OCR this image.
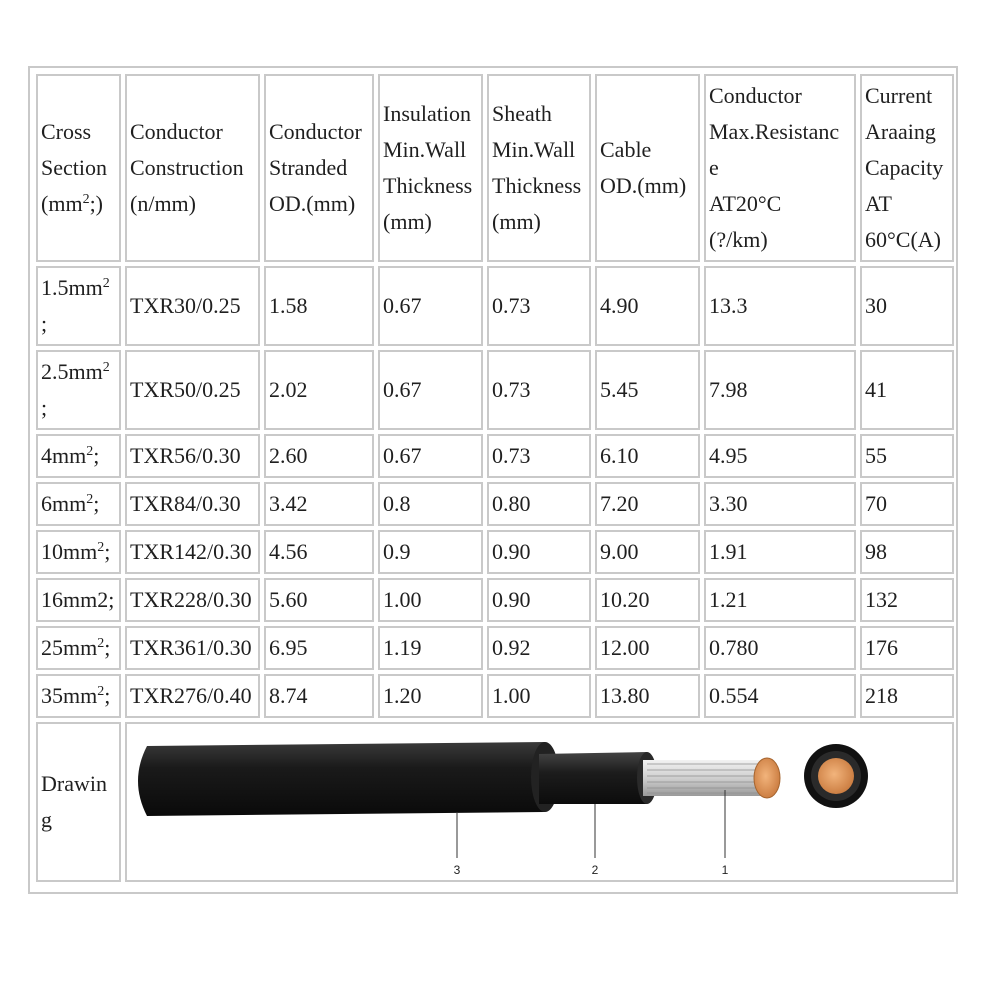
Cross
Section
$(mm^2;)$	Conductor
Construction
(n/mm)	Conductor
Stranded
OD.(mm)	Insulation
Min.Wall
Thickness
(mm)	Sheath
Min.Wall
Thickness
(mm)	Cable
OD.(mm)	Conductor
Max.Resistanc
e
AT20°C
(?/km)	Current
Araaing
Capacity
AT
60°C(A)
$1.5mm^2$
;	TXR30/0.25	1.58	0.67	0.73	4.90	13.3	30
$2.5mm^2$
;	TXR50/0.25	2.02	0.67	0.73	5.45	7.98	41
$4mm^2$;	TXR56/0.30	2.60	0.67	0.73	6.10	4.95	55
$6mm^2$;	TXR84/0.30	3.42	0.8	0.80	7.20	3.30	70
$10mm^2$;	TXR142/0.30	4.56	0.9	0.90	9.00	1.91	98
16mm2;	TXR228/0.30	5.60	1.00	0.90	10.20	1.21	132
$25mm^2$;	TXR361/0.30	6.95	1.19	0.92	12.00	0.780	176
$35mm^2$;	TXR276/0.40	8.74	1.20	1.00	13.80	0.554	218
Drawin
g	3 2 1						
